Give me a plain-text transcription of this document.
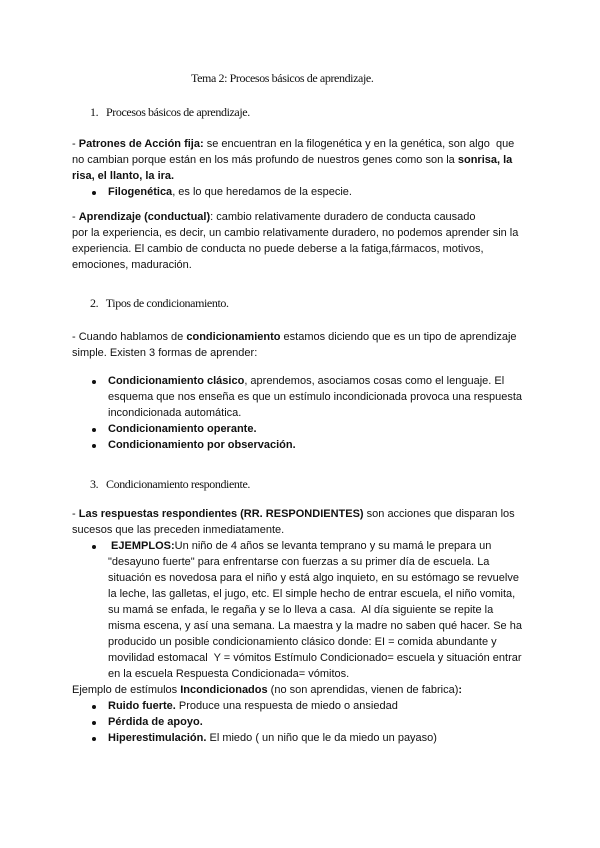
Tema 2: Procesos básicos de aprendizaje.
1.   Procesos básicos de aprendizaje.
- Patrones de Acción fija: se encuentran en la filogenética y en la genética, son algo  que
no cambian porque están en los más profundo de nuestros genes como son la sonrisa, la
risa, el llanto, la ira.
Filogenética, es lo que heredamos de la especie.
- Aprendizaje (conductual): cambio relativamente duradero de conducta causado
por la experiencia, es decir, un cambio relativamente duradero, no podemos aprender sin la
experiencia. El cambio de conducta no puede deberse a la fatiga,fármacos, motivos,
emociones, maduración.
2.   Tipos de condicionamiento.
- Cuando hablamos de condicionamiento estamos diciendo que es un tipo de aprendizaje
simple. Existen 3 formas de aprender:
Condicionamiento clásico, aprendemos, asociamos cosas como el lenguaje. El
esquema que nos enseña es que un estímulo incondicionada provoca una respuesta
incondicionada automática.
Condicionamiento operante.
Condicionamiento por observación.
3.   Condicionamiento respondiente.
- Las respuestas respondientes (RR. RESPONDIENTES) son acciones que disparan los
sucesos que las preceden inmediatamente.
EJEMPLOS:Un niño de 4 años se levanta temprano y su mamá le prepara un
"desayuno fuerte" para enfrentarse con fuerzas a su primer día de escuela. La
situación es novedosa para el niño y está algo inquieto, en su estómago se revuelve
la leche, las galletas, el jugo, etc. El simple hecho de entrar escuela, el niño vomita,
su mamá se enfada, le regaña y se lo lleva a casa.  Al día siguiente se repite la
misma escena, y así una semana. La maestra y la madre no saben qué hacer. Se ha
producido un posible condicionamiento clásico donde: EI = comida abundante y
movilidad estomacal  Y = vómitos Estímulo Condicionado= escuela y situación entrar
en la escuela Respuesta Condicionada= vómitos.
Ejemplo de estímulos Incondicionados (no son aprendidas, vienen de fabrica):
Ruido fuerte. Produce una respuesta de miedo o ansiedad
Pérdida de apoyo.
Hiperestimulación. El miedo ( un niño que le da miedo un payaso)
